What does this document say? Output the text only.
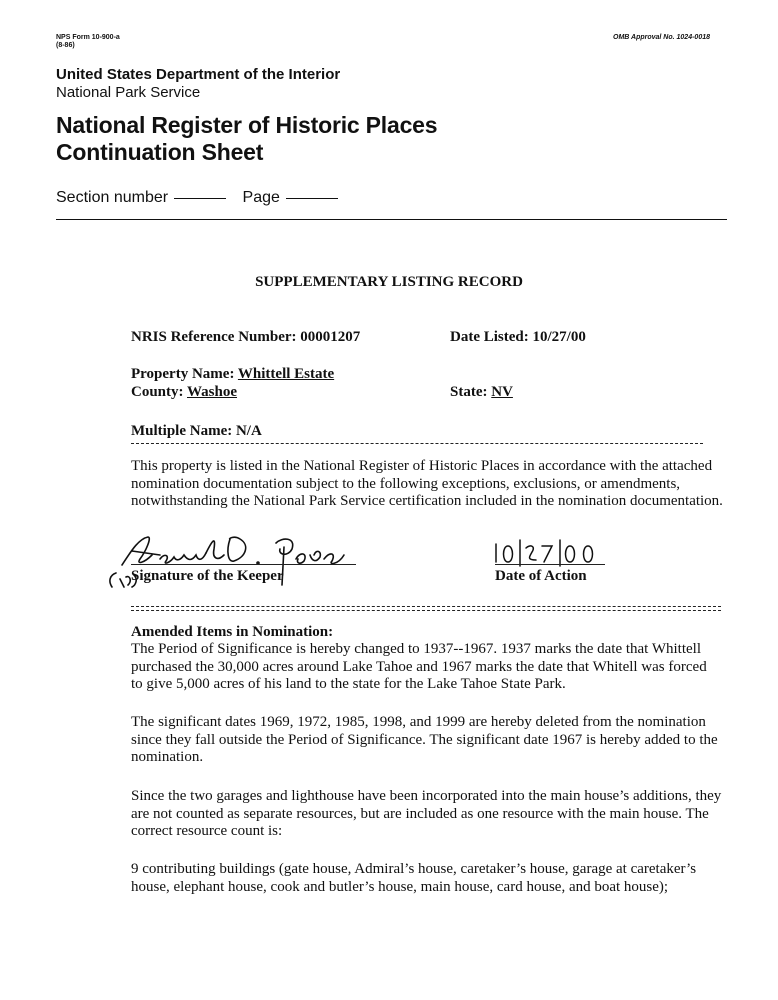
NPS Form 10-900-a
(8-86)
OMB Approval No. 1024-0018
United States Department of the Interior
National Park Service
National Register of Historic Places
Continuation Sheet
Section number	Page
SUPPLEMENTARY LISTING RECORD
NRIS Reference Number: 00001207	Date Listed: 10/27/00
Property Name: Whittell Estate
County: Washoe	State: NV
Multiple Name: N/A
This property is listed in the National Register of Historic Places in accordance with the attached nomination documentation subject to the following exceptions, exclusions, or amendments, notwithstanding the National Park Service certification included in the nomination documentation.
Signature of the Keeper	Date of Action
Amended Items in Nomination:
The Period of Significance is hereby changed to 1937--1967. 1937 marks the date that Whittell purchased the 30,000 acres around Lake Tahoe and 1967 marks the date that Whitell was forced to give 5,000 acres of his land to the state for the Lake Tahoe State Park.
The significant dates 1969, 1972, 1985, 1998, and 1999 are hereby deleted from the nomination since they fall outside the Period of Significance. The significant date 1967 is hereby added to the nomination.
Since the two garages and lighthouse have been incorporated into the main house’s additions, they are not counted as separate resources, but are included as one resource with the main house. The correct resource count is:
9 contributing buildings (gate house, Admiral’s house, caretaker’s house, garage at caretaker’s house, elephant house, cook and butler’s house, main house, card house, and boat house);
